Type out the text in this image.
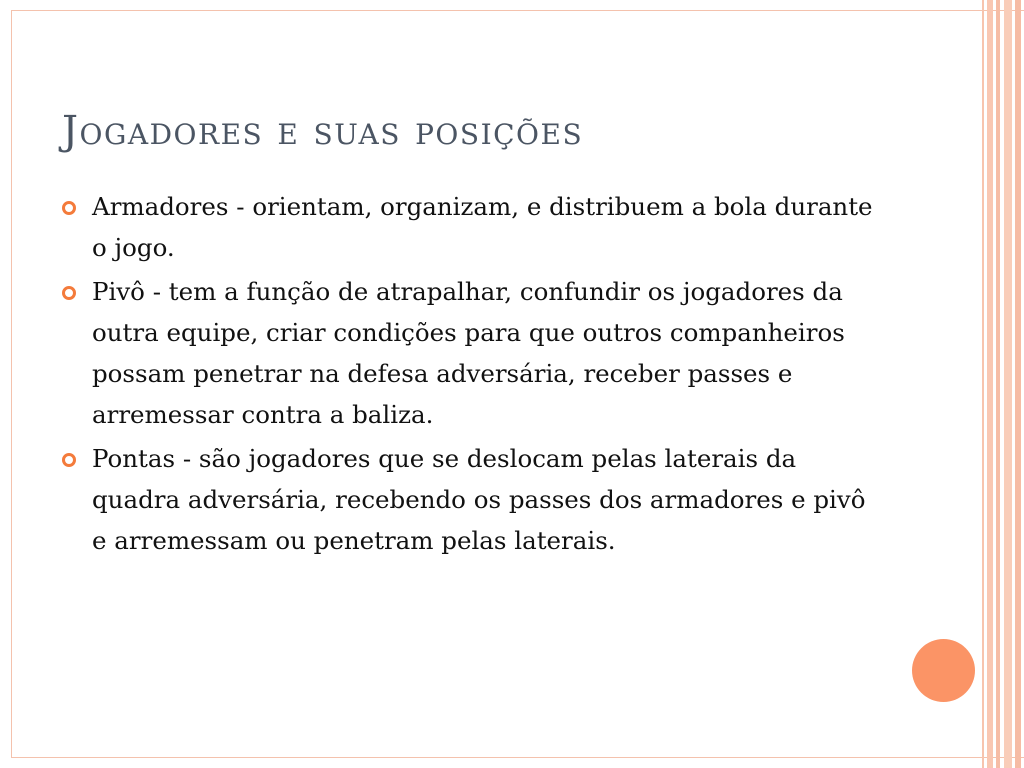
Jogadores e suas posições
Armadores - orientam, organizam, e distribuem a bola durante o jogo.
Pivô - tem a função de atrapalhar, confundir os jogadores da outra equipe, criar condições para que outros companheiros possam penetrar na defesa adversária, receber passes e arremessar contra a baliza.
Pontas - são jogadores que se deslocam pelas laterais da quadra adversária, recebendo os passes dos armadores e pivô  e arremessam ou penetram pelas laterais.
